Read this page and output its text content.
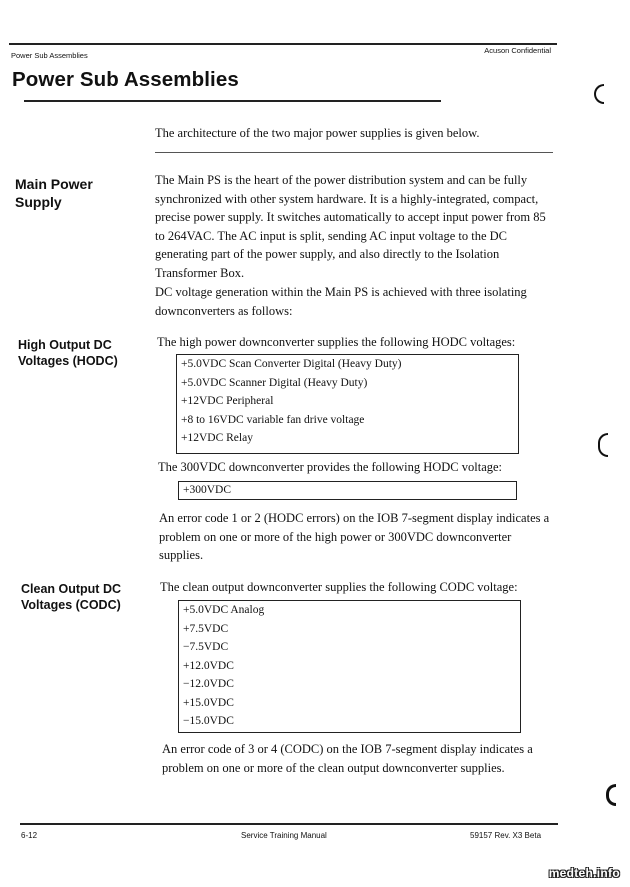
Power Sub Assemblies
Acuson Confidential
Power Sub Assemblies
The architecture of the two major power supplies is given below.
Main Power Supply
The Main PS is the heart of the power distribution system and can be fully synchronized with other system hardware. It is a highly-integrated, compact, precise power supply. It switches automatically to accept input power from 85 to 264VAC. The AC input is split, sending AC input voltage to the DC generating part of the power supply, and also directly to the Isolation Transformer Box.
DC voltage generation within the Main PS is achieved with three isolating downconverters as follows:
High Output DC Voltages (HODC)
The high power downconverter supplies the following HODC voltages:
+5.0VDC Scan Converter Digital (Heavy Duty)
+5.0VDC Scanner Digital (Heavy Duty)
+12VDC Peripheral
+8 to 16VDC variable fan drive voltage
+12VDC Relay
The 300VDC downconverter provides the following HODC voltage:
+300VDC
An error code 1 or 2 (HODC errors) on the IOB 7-segment display indicates a problem on one or more of the high power or 300VDC downconverter supplies.
Clean Output DC Voltages (CODC)
The clean output downconverter supplies the following CODC voltage:
+5.0VDC Analog
+7.5VDC
−7.5VDC
+12.0VDC
−12.0VDC
+15.0VDC
−15.0VDC
An error code of 3 or 4 (CODC) on the IOB 7-segment display indicates a problem on one or more of the clean output downconverter supplies.
6-12	Service Training Manual	59157 Rev. X3 Beta
medteh.info
